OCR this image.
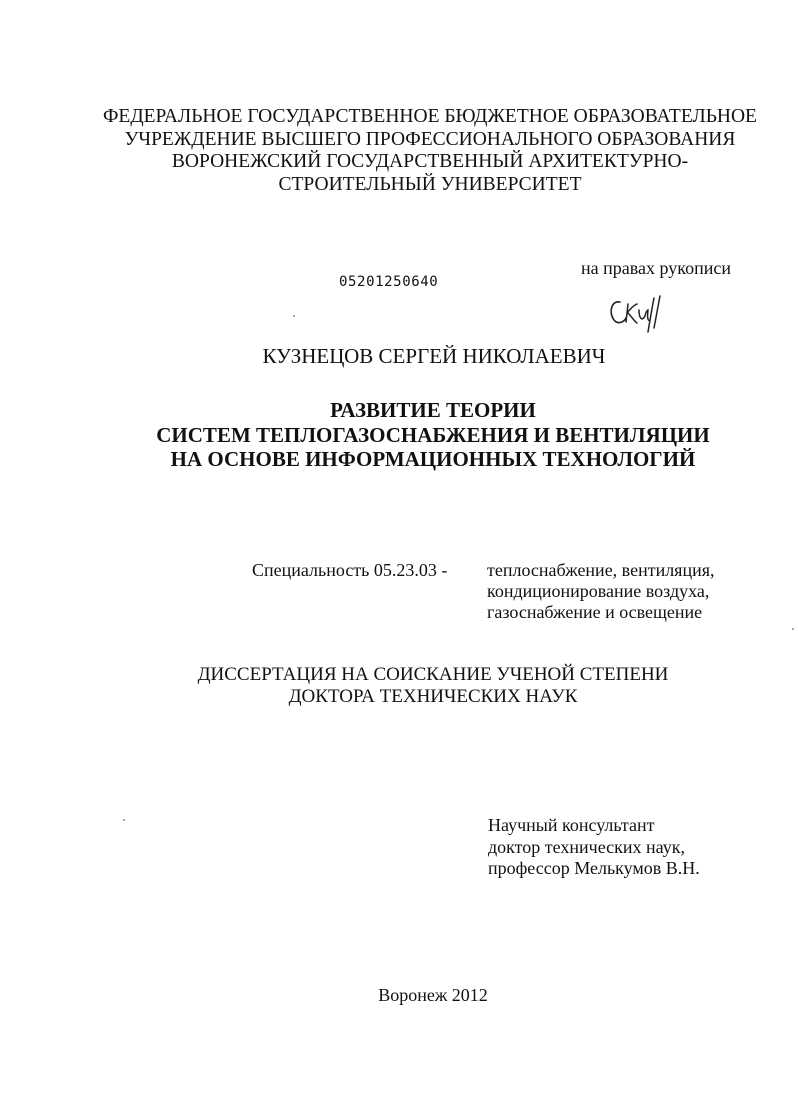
ФЕДЕРАЛЬНОЕ ГОСУДАРСТВЕННОЕ БЮДЖЕТНОЕ ОБРАЗОВАТЕЛЬНОЕ
УЧРЕЖДЕНИЕ ВЫСШЕГО ПРОФЕССИОНАЛЬНОГО ОБРАЗОВАНИЯ
ВОРОНЕЖСКИЙ ГОСУДАРСТВЕННЫЙ АРХИТЕКТУРНО-
СТРОИТЕЛЬНЫЙ УНИВЕРСИТЕТ
на правах рукописи
05201250640
КУЗНЕЦОВ СЕРГЕЙ НИКОЛАЕВИЧ
РАЗВИТИЕ ТЕОРИИ
СИСТЕМ ТЕПЛОГАЗОСНАБЖЕНИЯ И ВЕНТИЛЯЦИИ
НА ОСНОВЕ ИНФОРМАЦИОННЫХ ТЕХНОЛОГИЙ
Специальность 05.23.03 - теплоснабжение, вентиляция,
кондиционирование воздуха,
газоснабжение и освещение
ДИССЕРТАЦИЯ НА СОИСКАНИЕ УЧЕНОЙ СТЕПЕНИ
ДОКТОРА ТЕХНИЧЕСКИХ НАУК
Научный консультант
доктор технических наук,
профессор Мелькумов В.Н.
Воронеж 2012
